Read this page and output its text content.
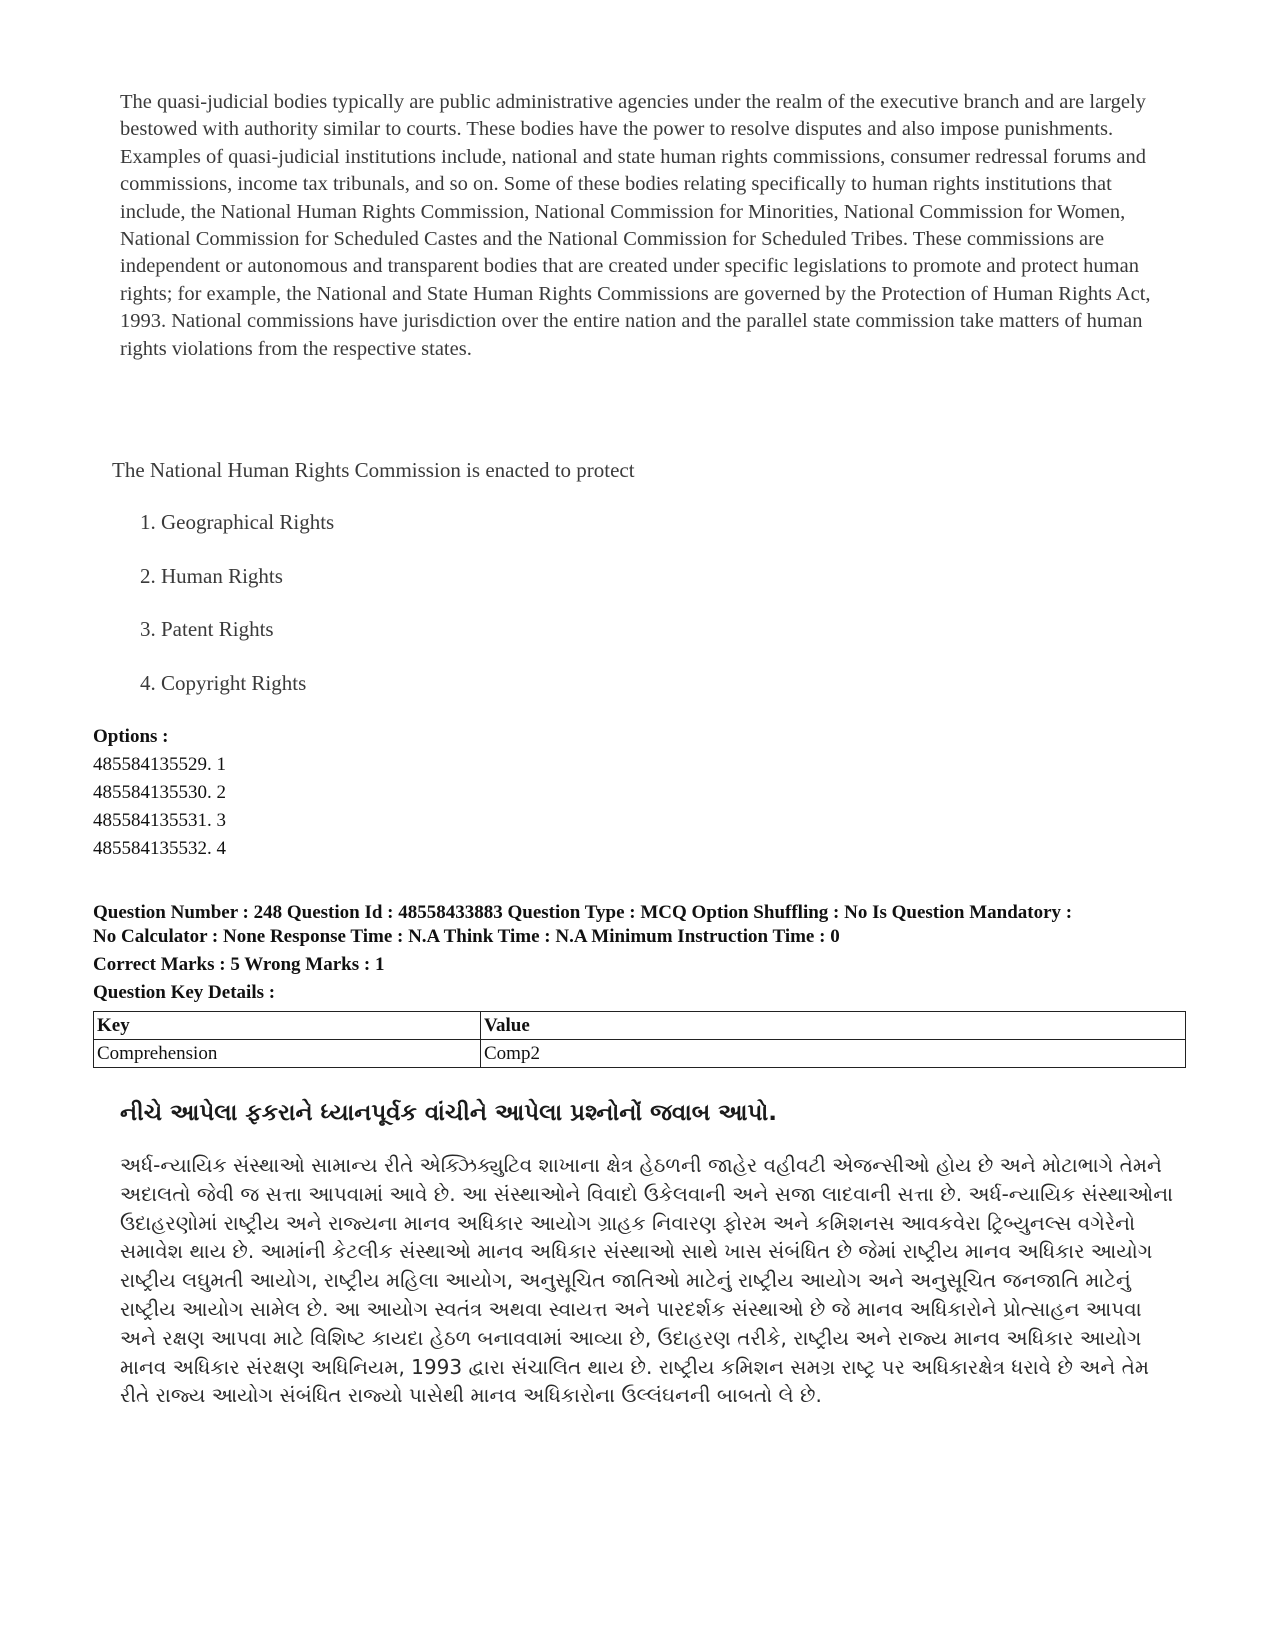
The quasi-judicial bodies typically are public administrative agencies under the realm of the executive branch and are largely bestowed with authority similar to courts. These bodies have the power to resolve disputes and also impose punishments. Examples of quasi-judicial institutions include, national and state human rights commissions, consumer redressal forums and commissions, income tax tribunals, and so on. Some of these bodies relating specifically to human rights institutions that include, the National Human Rights Commission, National Commission for Minorities, National Commission for Women, National Commission for Scheduled Castes and the National Commission for Scheduled Tribes. These commissions are independent or autonomous and transparent bodies that are created under specific legislations to promote and protect human rights; for example, the National and State Human Rights Commissions are governed by the Protection of Human Rights Act, 1993. National commissions have jurisdiction over the entire nation and the parallel state commission take matters of human rights violations from the respective states.

The National Human Rights Commission is enacted to protect

1. Geographical Rights
2. Human Rights
3. Patent Rights
4. Copyright Rights
Options :
485584135529. 1
485584135530. 2
485584135531. 3
485584135532. 4
Question Number : 248 Question Id : 48558433883 Question Type : MCQ Option Shuffling : No Is Question Mandatory :
No Calculator : None Response Time : N.A Think Time : N.A Minimum Instruction Time : 0
Correct Marks : 5 Wrong Marks : 1
Question Key Details :
Key	Value
Comprehension	Comp2

નીચે આપેલા ફકરાને ધ્યાનપૂર્વક વાંચીને આપેલા પ્રશ્નોનોં જવાબ આપો.

અર્ધ-ન્યાયિક સંસ્થાઓ સામાન્ય રીતે એક્ઝિક્યુટિવ શાખાના ક્ષેત્ર હેઠળની જાહેર વહીવટી એજન્સીઓ હોય છે અને મોટાભાગે તેમને અદાલતો જેવી જ સત્તા આપવામાં આવે છે. આ સંસ્થાઓને વિવાદો ઉકેલવાની અને સજા લાદવાની સત્તા છે. અર્ધ-ન્યાયિક સંસ્થાઓના ઉદાહરણોમાં રાષ્ટ્રીય અને રાજ્યના માનવ અધિકાર આયોગ ગ્રાહક નિવારણ ફોરમ અને કમિશનસ આવકવેરા ટ્રિબ્યુનલ્સ વગેરેનો સમાવેશ થાય છે. આમાંની કેટલીક સંસ્થાઓ માનવ અધિકાર સંસ્થાઓ સાથે ખાસ સંબંધિત છે જેમાં રાષ્ટ્રીય માનવ અધિકાર આયોગ રાષ્ટ્રીય લઘુમતી આયોગ, રાષ્ટ્રીય મહિલા આયોગ, અનુસૂચિત જાતિઓ માટેનું રાષ્ટ્રીય આયોગ અને અનુસૂચિત જનજાતિ માટેનું રાષ્ટ્રીય આયોગ સામેલ છે. આ આયોગ સ્વતંત્ર અથવા સ્વાયત્ત અને પારદર્શક સંસ્થાઓ છે જે માનવ અધિકારોને પ્રોત્સાહન આપવા અને રક્ષણ આપવા માટે વિશિષ્ટ કાયદા હેઠળ બનાવવામાં આવ્યા છે, ઉદાહરણ તરીકે, રાષ્ટ્રીય અને રાજ્ય માનવ અધિકાર આયોગ માનવ અધિકાર સંરક્ષણ અધિનિયમ, 1993 દ્વારા સંચાલિત થાય છે. રાષ્ટ્રીય કમિશન સમગ્ર રાષ્ટ્ર પર અધિકારક્ષેત્ર ધરાવે છે અને તેમ રીતે રાજ્ય આયોગ સંબંધિત રાજ્યો પાસેથી માનવ અધિકારોના ઉલ્લંઘનની બાબતો લે છે.
